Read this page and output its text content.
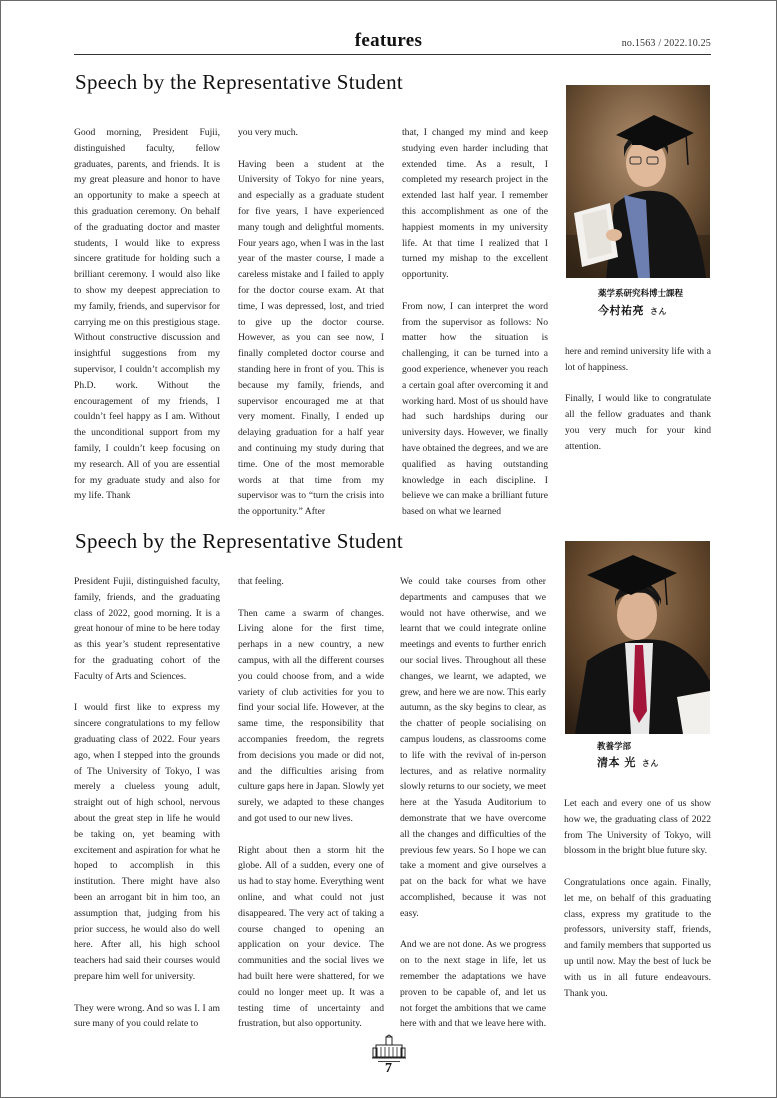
features	no.1563 / 2022.10.25
Speech by the Representative Student

Good morning, President Fujii, distinguished faculty, fellow graduates, parents, and friends. It is my great pleasure and honor to have an opportunity to make a speech at this graduation ceremony. On behalf of the graduating doctor and master students, I would like to express sincere gratitude for holding such a brilliant ceremony. I would also like to show my deepest appreciation to my family, friends, and supervisor for carrying me on this prestigious stage. Without constructive discussion and insightful suggestions from my supervisor, I couldn’t accomplish my Ph.D. work. Without the encouragement of my friends, I couldn’t feel happy as I am. Without the unconditional support from my family, I couldn’t keep focusing on my research. All of you are essential for my graduate study and also for my life. Thank

you very much.

Having been a student at the University of Tokyo for nine years, and especially as a graduate student for five years, I have experienced many tough and delightful moments. Four years ago, when I was in the last year of the master course, I made a careless mistake and I failed to apply for the doctor course exam. At that time, I was depressed, lost, and tried to give up the doctor course. However, as you can see now, I finally completed doctor course and standing here in front of you. This is because my family, friends, and supervisor encouraged me at that very moment. Finally, I ended up delaying graduation for a half year and continuing my study during that time. One of the most memorable words at that time from my supervisor was to “turn the crisis into the opportunity.” After

that, I changed my mind and keep studying even harder including that extended time. As a result, I completed my research project in the extended last half year. I remember this accomplishment as one of the happiest moments in my university life. At that time I realized that I turned my mishap to the excellent opportunity.

From now, I can interpret the word from the supervisor as follows: No matter how the situation is challenging, it can be turned into a good experience, whenever you reach a certain goal after overcoming it and working hard. Most of us should have had such hardships during our university days. However, we finally have obtained the degrees, and we are qualified as having outstanding knowledge in each discipline. I believe we can make a brilliant future based on what we learned

薬学系研究科博士課程
今村祐亮 さん

here and remind university life with a lot of happiness.

Finally, I would like to congratulate all the fellow graduates and thank you very much for your kind attention.

Speech by the Representative Student

President Fujii, distinguished faculty, family, friends, and the graduating class of 2022, good morning. It is a great honour of mine to be here today as this year’s student representative for the graduating cohort of the Faculty of Arts and Sciences.

I would first like to express my sincere congratulations to my fellow graduating class of 2022. Four years ago, when I stepped into the grounds of The University of Tokyo, I was merely a clueless young adult, straight out of high school, nervous about the great step in life he would be taking on, yet beaming with excitement and aspiration for what he hoped to accomplish in this institution. There might have also been an arrogant bit in him too, an assumption that, judging from his prior success, he would also do well here. After all, his high school teachers had said their courses would prepare him well for university.

They were wrong. And so was I. I am sure many of you could relate to

that feeling.

Then came a swarm of changes. Living alone for the first time, perhaps in a new country, a new campus, with all the different courses you could choose from, and a wide variety of club activities for you to find your social life. However, at the same time, the responsibility that accompanies freedom, the regrets from decisions you made or did not, and the difficulties arising from culture gaps here in Japan. Slowly yet surely, we adapted to these changes and got used to our new lives.

Right about then a storm hit the globe. All of a sudden, every one of us had to stay home. Everything went online, and what could not just disappeared. The very act of taking a course changed to opening an application on your device. The communities and the social lives we had built here were shattered, for we could no longer meet up. It was a testing time of uncertainty and frustration, but also opportunity.

We could take courses from other departments and campuses that we would not have otherwise, and we learnt that we could integrate online meetings and events to further enrich our social lives. Throughout all these changes, we learnt, we adapted, we grew, and here we are now. This early autumn, as the sky begins to clear, as the chatter of people socialising on campus loudens, as classrooms come to life with the revival of in-person lectures, and as relative normality slowly returns to our society, we meet here at the Yasuda Auditorium to demonstrate that we have overcome all the changes and difficulties of the previous few years. So I hope we can take a moment and give ourselves a pat on the back for what we have accomplished, because it was not easy.

And we are not done. As we progress on to the next stage in life, let us remember the adaptations we have proven to be capable of, and let us not forget the ambitions that we came here with and that we leave here with.

教養学部
清本 光 さん

Let each and every one of us show how we, the graduating class of 2022 from The University of Tokyo, will blossom in the bright blue future sky.

Congratulations once again. Finally, let me, on behalf of this graduating class, express my gratitude to the professors, university staff, friends, and family members that supported us up until now. May the best of luck be with us in all future endeavours. Thank you.

7
